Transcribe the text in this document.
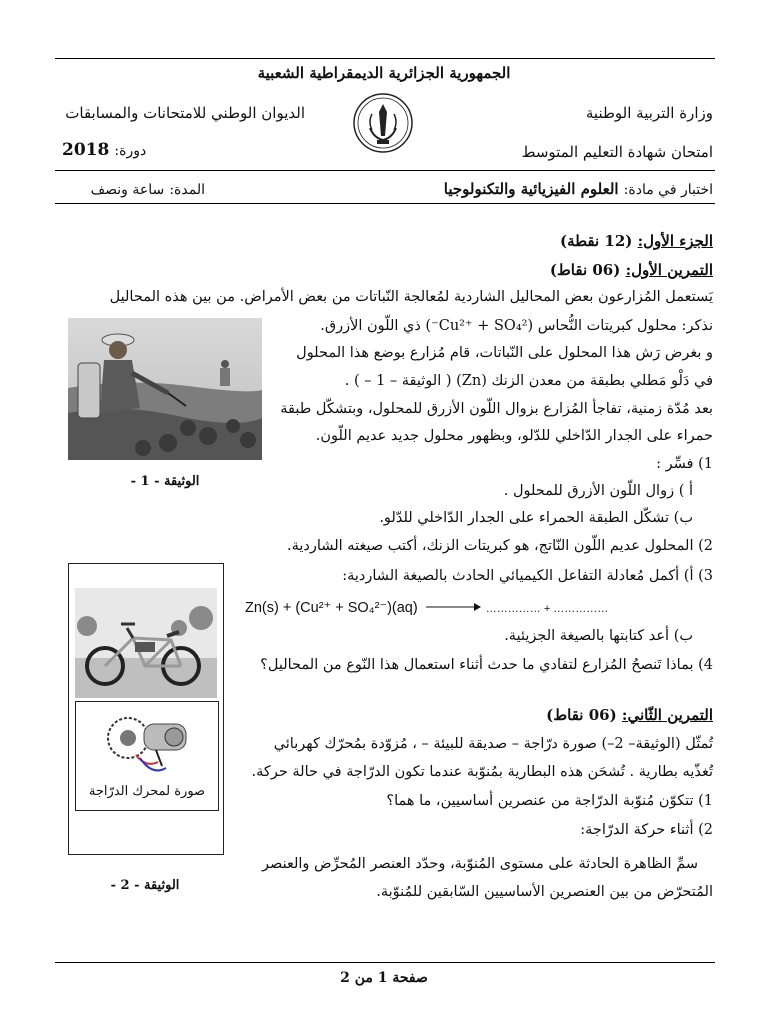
الجمهورية الجزائرية الديمقراطية الشعبية
وزارة التربية الوطنية
الديوان الوطني للامتحانات والمسابقات
امتحان شهادة التعليم المتوسط
دورة: 2018
اختبار في مادة: العلوم الفيزيائية والتكنولوجيا
المدة: ساعة ونصف
الجزء الأول: (12 نقطة)
التمرين الأول: (06 نقاط)
يَستعمل المُزارعون بعض المحاليل الشاردية لمُعالجة النّباتات من بعض الأمراض. من بين هذه المحاليل
نذكر: محلول كبريتات النُّحاس (Cu²⁺ + SO₄²⁻) ذي اللّون الأزرق.
و بغرض رَش هذا المحلول على النّباتات، قام مُزارع بوضع هذا المحلول
في دَلْو مَطلي بطبقة من معدن الزنك (Zn) ( الوثيقة – 1 – ) .
بعد مُدّة زمنية، تفاجأ المُزارع بزوال اللّون الأزرق للمحلول، وبتشكّل طبقة
حمراء على الجدار الدّاخلي للدّلو، وبظهور محلول جديد عديم اللّون.
الوثيقة - 1 -
1) فسِّر :
أ ) زوال اللّون الأزرق للمحلول .
ب) تشكّل الطبقة الحمراء على الجدار الدّاخلي للدّلو.
2) المحلول عديم اللّون النّاتج، هو كبريتات الزنك، أكتب صيغته الشاردية.
3) أ) أكمل مُعادلة التفاعل الكيميائي الحادث بالصيغة الشاردية:
Zn(s) + (Cu²⁺ + SO₄²⁻)(aq)	…………… + ……………
ب) أعد كتابتها بالصيغة الجزيئية.
4) بماذا تَنصحُ المُزارع لتفادي ما حدث أثناء استعمال هذا النّوع من المحاليل؟
صورة لمحرك الدرّاجة
الوثيقة - 2 -
التمرين الثّاني: (06 نقاط)
تُمثّل (الوثيقة– 2–) صورة درّاجة – صديقة للبيئة – ، مُزوّدة بمُحرّك كهربائي
تُغذّيه بطارية . تُشحَن هذه البطارية بمُنوّبة عندما تكون الدرّاجة في حالة حركة.
1) تتكوّن مُنوّبة الدرّاجة من عنصرين أساسيين، ما هما؟
2) أثناء حركة الدرّاجة:
سمِّ الظاهرة الحادثة على مستوى المُنوّبة، وحدّد العنصر المُحرِّض والعنصر
المُتحرّض من بين العنصرين الأساسيين السّابقين للمُنوّبة.
صفحة 1 من 2
